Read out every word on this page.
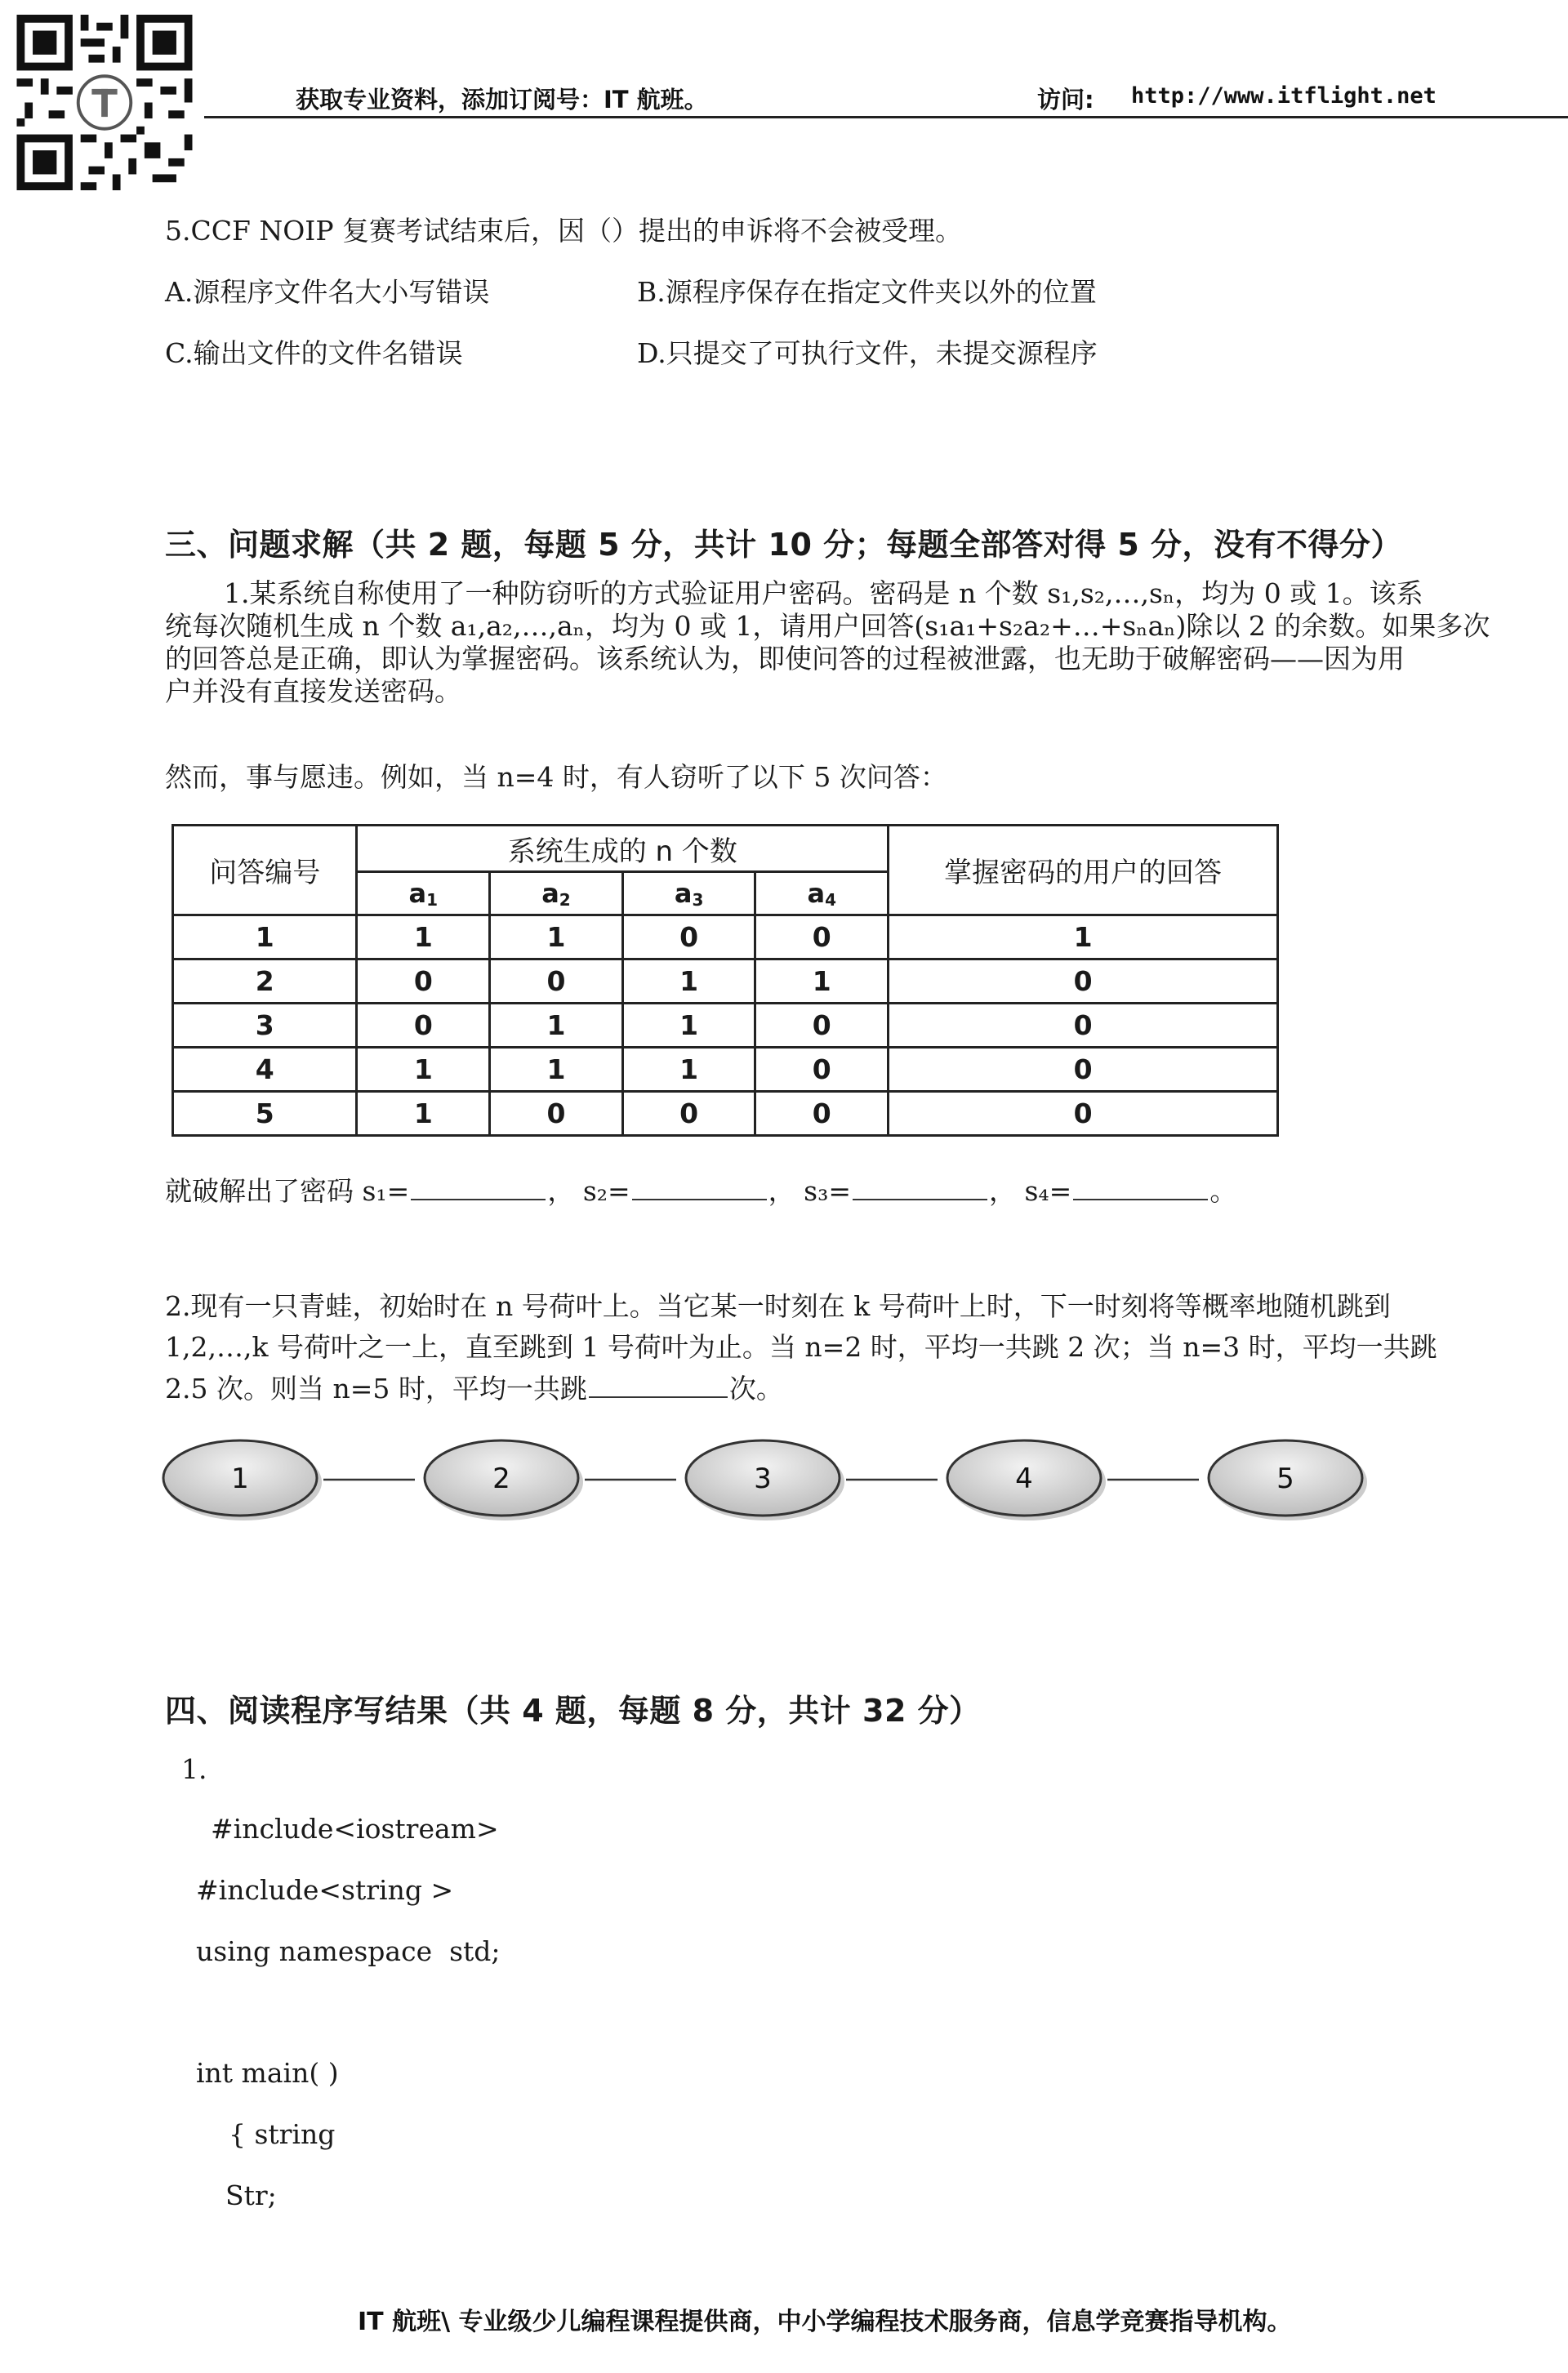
获取专业资料，添加订阅号：IT 航班。	访问: http://www.itflight.net
5.CCF NOIP 复赛考试结束后，因（）提出的申诉将不会被受理。
A.源程序文件名大小写错误	B.源程序保存在指定文件夹以外的位置
C.输出文件的文件名错误	D.只提交了可执行文件，未提交源程序
三、问题求解（共 2 题，每题 5 分，共计 10 分；每题全部答对得 5 分，没有不得分）
1.某系统自称使用了一种防窃听的方式验证用户密码。密码是 n 个数 s₁,s₂,…,sₙ，均为 0 或 1。该系
统每次随机生成 n 个数 a₁,a₂,…,aₙ，均为 0 或 1，请用户回答(s₁a₁+s₂a₂+…+sₙaₙ)除以 2 的余数。如果多次
的回答总是正确，即认为掌握密码。该系统认为，即使问答的过程被泄露，也无助于破解密码——因为用
户并没有直接发送密码。
然而，事与愿违。例如，当 n=4 时，有人窃听了以下 5 次问答：
问答编号	系统生成的 n 个数				掌握密码的用户的回答
	$a_1$	$a_2$	$a_3$	$a_4$
1	1	1	0	0	1
2	0	0	1	1	0
3	0	1	1	0	0
4	1	1	1	0	0
5	1	0	0	0	0
就破解出了密码 s₁=	， s₂=	， s₃=	， s₄=	。
2.现有一只青蛙，初始时在 n 号荷叶上。当它某一时刻在 k 号荷叶上时，下一时刻将等概率地随机跳到
1,2,…,k 号荷叶之一上，直至跳到 1 号荷叶为止。当 n=2 时，平均一共跳 2 次；当 n=3 时，平均一共跳
2.5 次。则当 n=5 时，平均一共跳	次。
1	2	3	4	5
四、阅读程序写结果（共 4 题，每题 8 分，共计 32 分）
1.
#include<iostream>
#include<string >
using namespace  std;
int main( )
{ string
Str;
IT 航班\ 专业级少儿编程课程提供商，中小学编程技术服务商，信息学竞赛指导机构。
